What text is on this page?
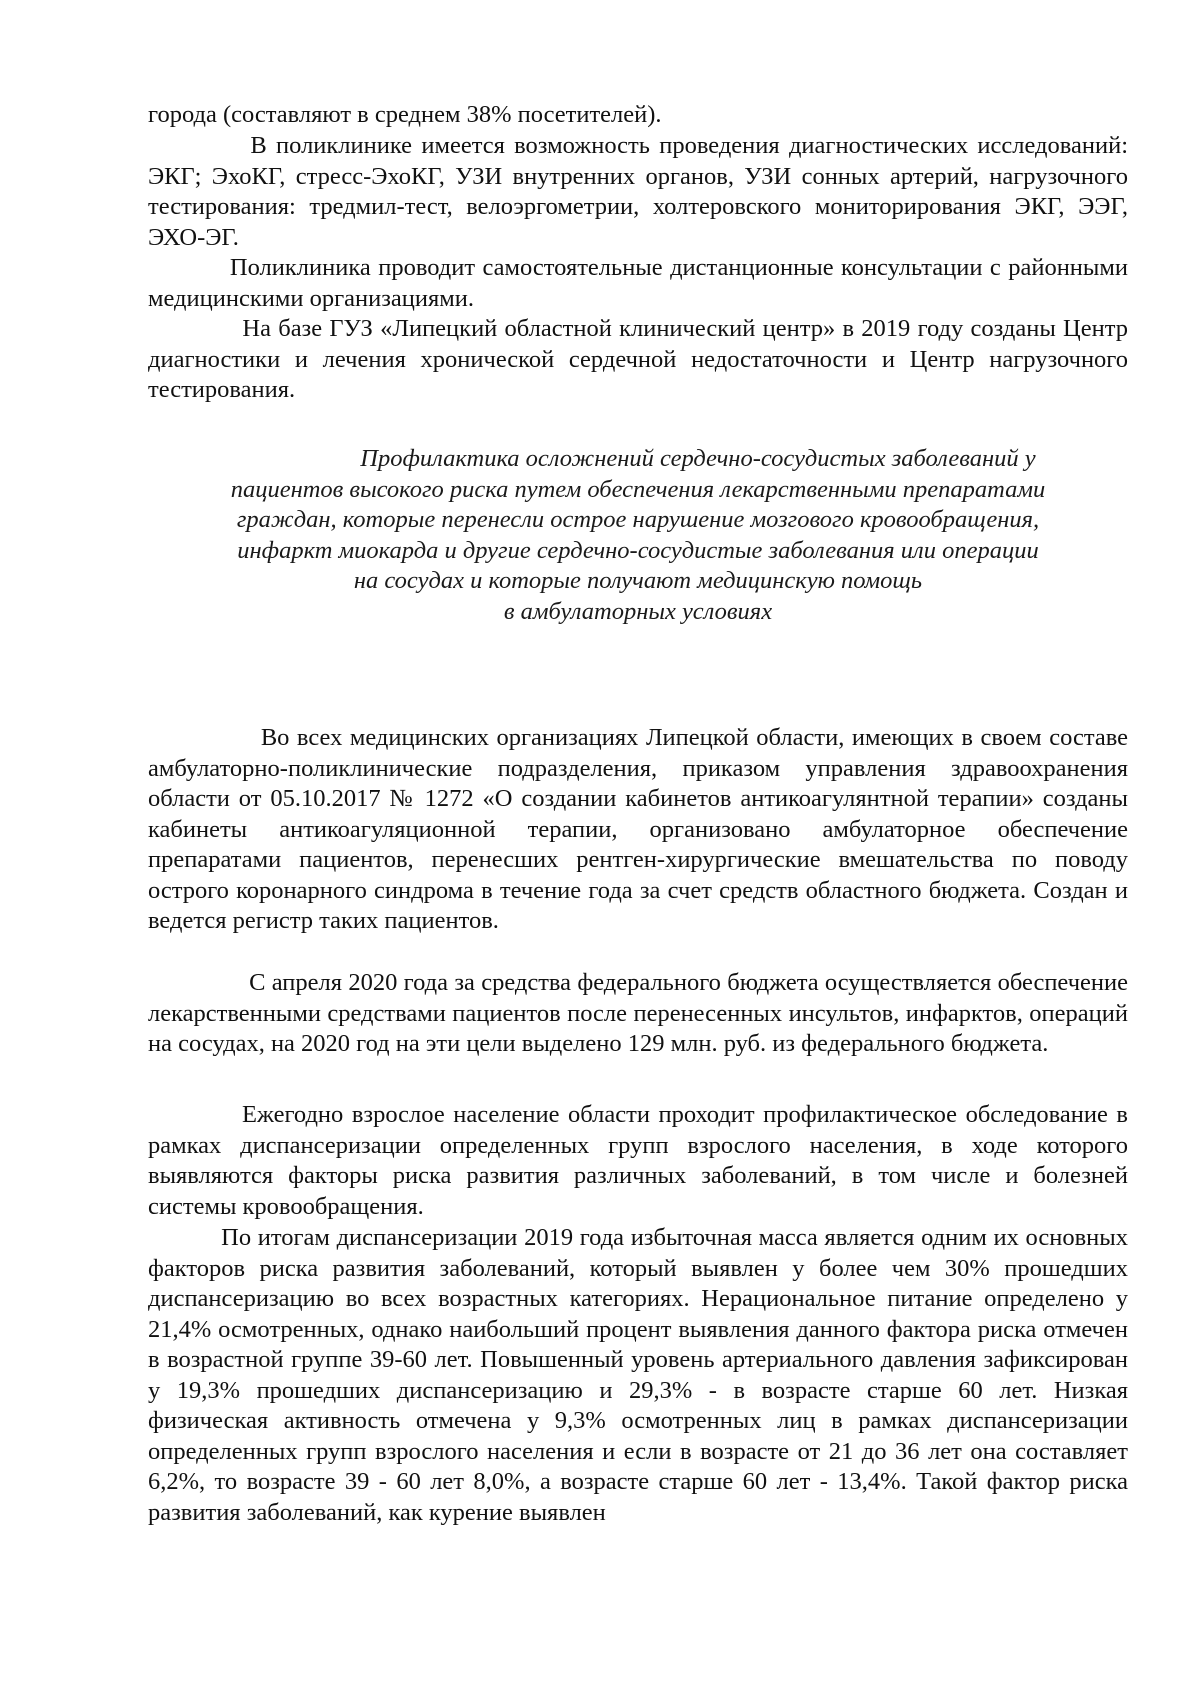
города (составляют в среднем 38% посетителей).

В поликлинике имеется возможность проведения диагностических исследований: ЭКГ; ЭхоКГ, стресс-ЭхоКГ, УЗИ внутренних органов, УЗИ сонных артерий, нагрузочного тестирования: тредмил-тест, велоэргометрии, холтеровского мониторирования ЭКГ, ЭЭГ, ЭХО-ЭГ.

Поликлиника проводит самостоятельные дистанционные консультации с районными медицинскими организациями.

На базе ГУЗ «Липецкий областной клинический центр» в 2019 году созданы Центр диагностики и лечения хронической сердечной недостаточности и Центр нагрузочного тестирования.

Профилактика осложнений сердечно-сосудистых заболеваний у
пациентов высокого риска путем обеспечения лекарственными препаратами
граждан, которые перенесли острое нарушение мозгового кровообращения,
инфаркт миокарда и другие сердечно-сосудистые заболевания или операции
на сосудах и которые получают медицинскую помощь
в амбулаторных условиях

Во всех медицинских организациях Липецкой области, имеющих в своем составе амбулаторно-поликлинические подразделения, приказом управления здравоохранения области от 05.10.2017 № 1272 «О создании кабинетов антикоагулянтной терапии» созданы кабинеты антикоагуляционной терапии, организовано амбулаторное обеспечение препаратами пациентов, перенесших рентген-хирургические вмешательства по поводу острого коронарного синдрома в течение года за счет средств областного бюджета. Создан и ведется регистр таких пациентов.

С апреля 2020 года за средства федерального бюджета осуществляется обеспечение лекарственными средствами пациентов после перенесенных инсультов, инфарктов, операций на сосудах, на 2020 год на эти цели выделено 129 млн. руб. из федерального бюджета.

Ежегодно взрослое население области проходит профилактическое обследование в рамках диспансеризации определенных групп взрослого населения, в ходе которого выявляются факторы риска развития различных заболеваний, в том числе и болезней системы кровообращения.

По итогам диспансеризации 2019 года избыточная масса является одним их основных факторов риска развития заболеваний, который выявлен у более чем 30% прошедших диспансеризацию во всех возрастных категориях. Нерациональное питание определено у 21,4% осмотренных, однако наибольший процент выявления данного фактора риска отмечен в возрастной группе 39-60 лет. Повышенный уровень артериального давления зафиксирован у 19,3% прошедших диспансеризацию и 29,3% - в возрасте старше 60 лет. Низкая физическая активность отмечена у 9,3% осмотренных лиц в рамках диспансеризации определенных групп взрослого населения и если в возрасте от 21 до 36 лет она составляет 6,2%, то возрасте 39 - 60 лет 8,0%, а возрасте старше 60 лет - 13,4%. Такой фактор риска развития заболеваний, как курение выявлен
